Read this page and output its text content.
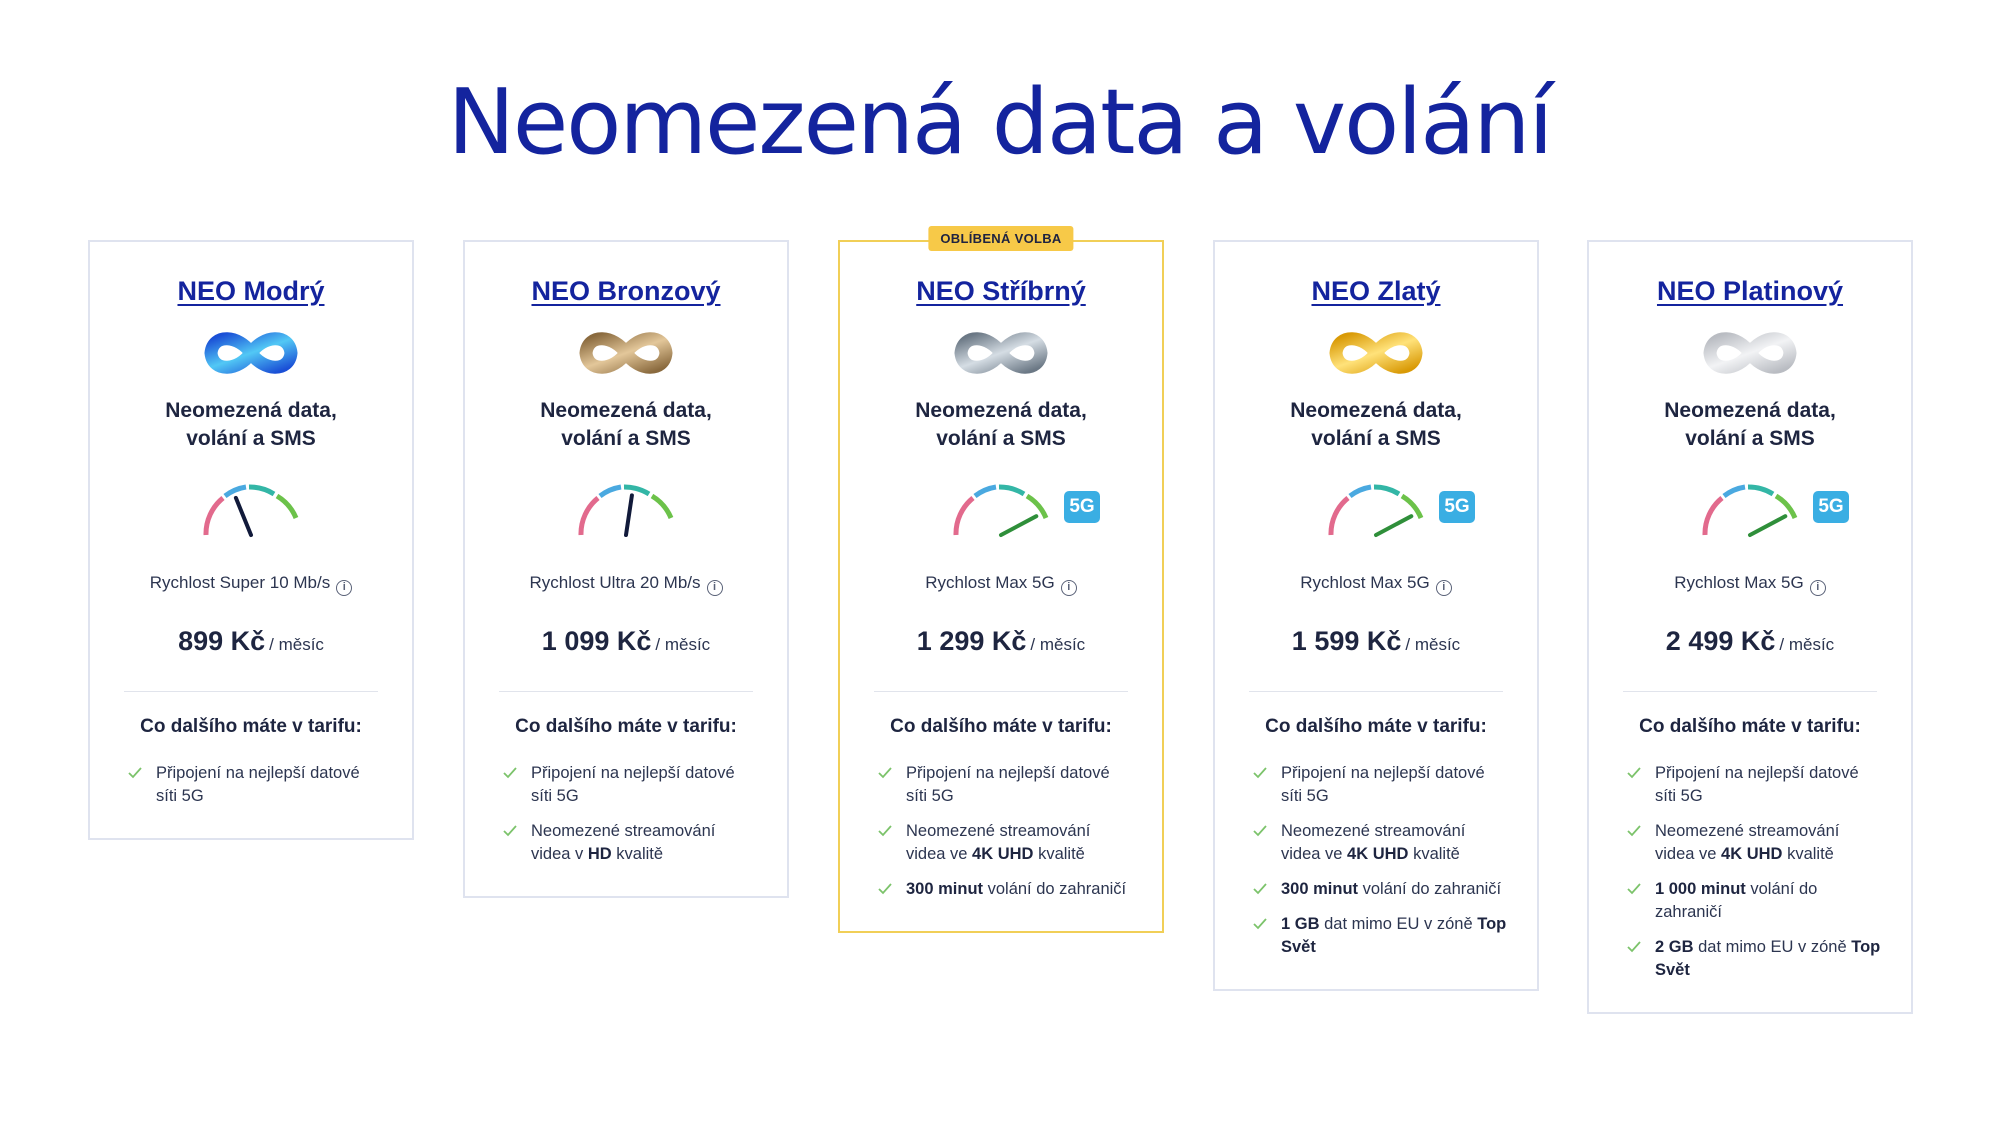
Neomezená data a volání
NEO Modrý
Neomezená data,
volání a SMS
Rychlost Super 10 Mb/s i
899 Kč / měsíc
Co dalšího máte v tarifu:
Připojení na nejlepší datové síti 5G
NEO Bronzový
Neomezená data,
volání a SMS
Rychlost Ultra 20 Mb/s i
1 099 Kč / měsíc
Co dalšího máte v tarifu:
Připojení na nejlepší datové síti 5G
Neomezené streamování videa v HD kvalitě
OBLÍBENÁ VOLBA
NEO Stříbrný
Neomezená data,
volání a SMS
5G
Rychlost Max 5G i
1 299 Kč / měsíc
Co dalšího máte v tarifu:
Připojení na nejlepší datové síti 5G
Neomezené streamování videa ve 4K UHD kvalitě
300 minut volání do zahraničí
NEO Zlatý
Neomezená data,
volání a SMS
5G
Rychlost Max 5G i
1 599 Kč / měsíc
Co dalšího máte v tarifu:
Připojení na nejlepší datové síti 5G
Neomezené streamování videa ve 4K UHD kvalitě
300 minut volání do zahraničí
1 GB dat mimo EU v zóně Top Svět
NEO Platinový
Neomezená data,
volání a SMS
5G
Rychlost Max 5G i
2 499 Kč / měsíc
Co dalšího máte v tarifu:
Připojení na nejlepší datové síti 5G
Neomezené streamování videa ve 4K UHD kvalitě
1 000 minut volání do zahraničí
2 GB dat mimo EU v zóně Top Svět
